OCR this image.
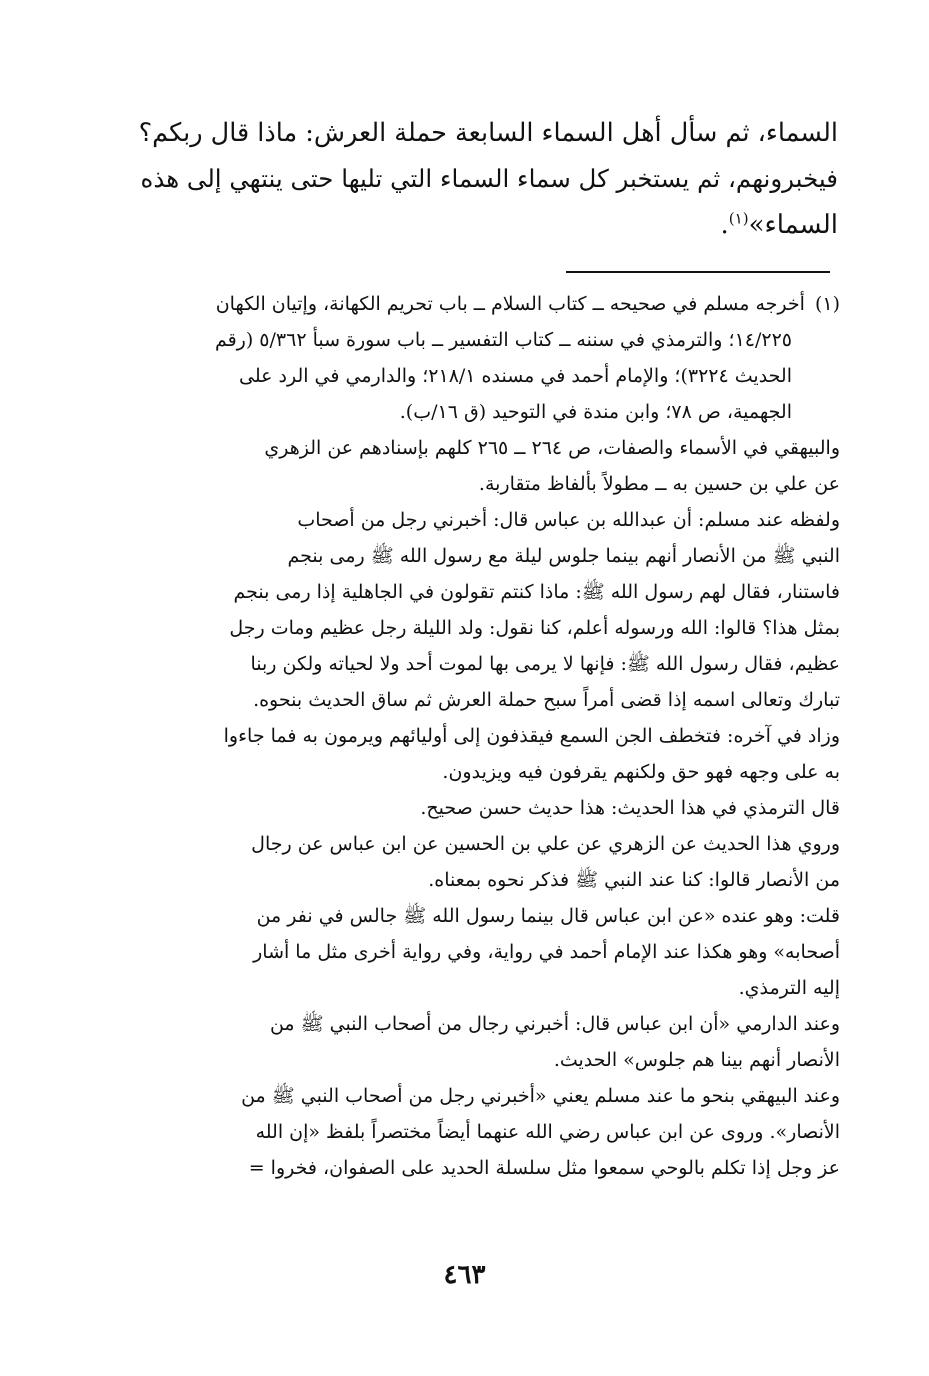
السماء، ثم سأل أهل السماء السابعة حملة العرش: ماذا قال ربكم؟
فيخبرونهم، ثم يستخبر كل سماء السماء التي تليها حتى ينتهي إلى هذه
السماء»$^{(١)}$.
(١)أخرجه مسلم في صحيحه ــ كتاب السلام ــ باب تحريم الكهانة، وإتيان الكهان
١٤/٢٢٥؛ والترمذي في سننه ــ كتاب التفسير ــ باب سورة سبأ ٥/٣٦٢ (رقم
الحديث ٣٢٢٤)؛ والإمام أحمد في مسنده ٢١٨/١؛ والدارمي في الرد على
الجهمية، ص ٧٨؛ وابن مندة في التوحيد (ق ١٦/ب).
والبيهقي في الأسماء والصفات، ص ٢٦٤ ــ ٢٦٥ كلهم بإسنادهم عن الزهري
عن علي بن حسين به ــ مطولاً بألفاظ متقاربة.
ولفظه عند مسلم: أن عبدالله بن عباس قال: أخبرني رجل من أصحاب
النبي ﷺ من الأنصار أنهم بينما جلوس ليلة مع رسول الله ﷺ رمى بنجم
فاستنار، فقال لهم رسول الله ﷺ: ماذا كنتم تقولون في الجاهلية إذا رمى بنجم
بمثل هذا؟ قالوا: الله ورسوله أعلم، كنا نقول: ولد الليلة رجل عظيم ومات رجل
عظيم، فقال رسول الله ﷺ: فإنها لا يرمى بها لموت أحد ولا لحياته ولكن ربنا
تبارك وتعالى اسمه إذا قضى أمراً سبح حملة العرش ثم ساق الحديث بنحوه.
وزاد في آخره: فتخطف الجن السمع فيقذفون إلى أوليائهم ويرمون به فما جاءوا
به على وجهه فهو حق ولكنهم يقرفون فيه ويزيدون.
قال الترمذي في هذا الحديث: هذا حديث حسن صحيح.
وروي هذا الحديث عن الزهري عن علي بن الحسين عن ابن عباس عن رجال
من الأنصار قالوا: كنا عند النبي ﷺ فذكر نحوه بمعناه.
قلت: وهو عنده «عن ابن عباس قال بينما رسول الله ﷺ جالس في نفر من
أصحابه» وهو هكذا عند الإمام أحمد في رواية، وفي رواية أخرى مثل ما أشار
إليه الترمذي.
وعند الدارمي «أن ابن عباس قال: أخبرني رجال من أصحاب النبي ﷺ من
الأنصار أنهم بينا هم جلوس» الحديث.
وعند البيهقي بنحو ما عند مسلم يعني «أخبرني رجل من أصحاب النبي ﷺ من
الأنصار». وروى عن ابن عباس رضي الله عنهما أيضاً مختصراً بلفظ «إن الله
عز وجل إذا تكلم بالوحي سمعوا مثل سلسلة الحديد على الصفوان، فخروا =
٤٦٣
